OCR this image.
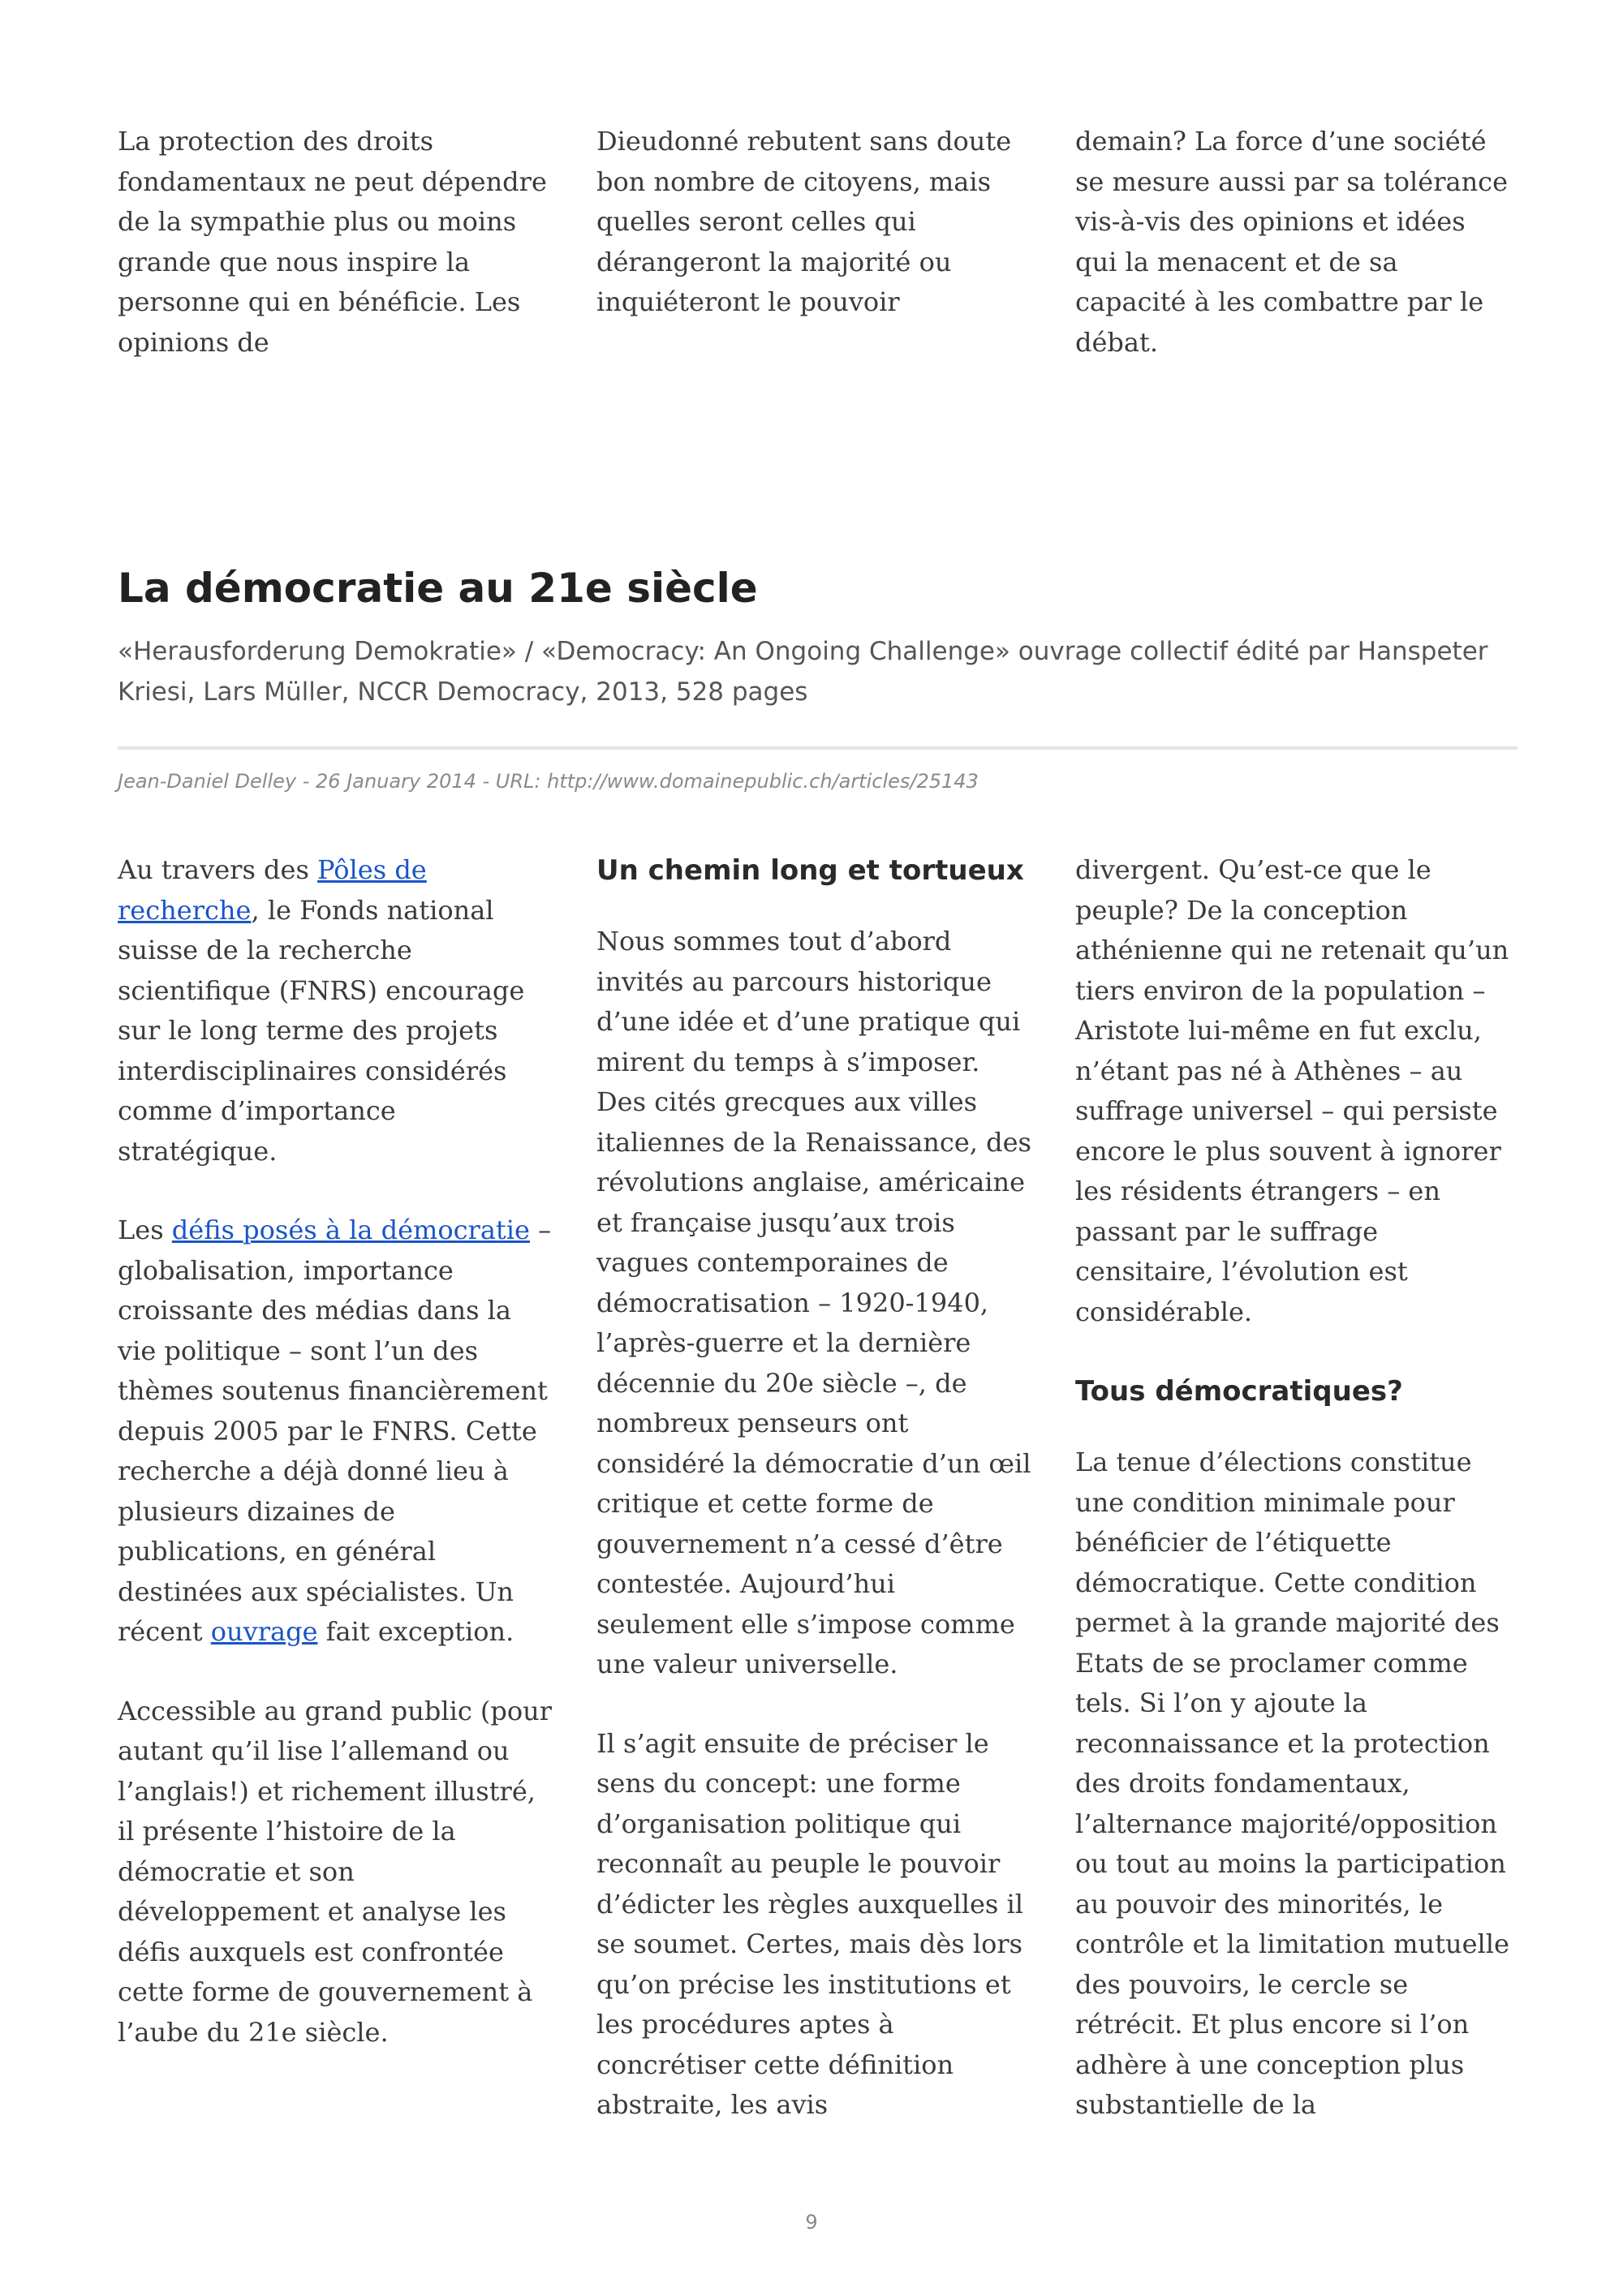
La protection des droits fondamentaux ne peut dépendre de la sympathie plus ou moins grande que nous inspire la personne qui en bénéficie. Les opinions de

Dieudonné rebutent sans doute bon nombre de citoyens, mais quelles seront celles qui dérangeront la majorité ou inquiéteront le pouvoir

demain? La force d’une société se mesure aussi par sa tolérance vis-à-vis des opinions et idées qui la menacent et de sa capacité à les combattre par le débat.

La démocratie au 21e siècle
«Herausforderung Demokratie» / «Democracy: An Ongoing Challenge» ouvrage collectif édité par Hanspeter Kriesi, Lars Müller, NCCR Democracy, 2013, 528 pages
Jean-Daniel Delley - 26 January 2014 - URL: http://www.domainepublic.ch/articles/25143

Au travers des Pôles de recherche, le Fonds national suisse de la recherche scientifique (FNRS) encourage sur le long terme des projets interdisciplinaires considérés comme d’importance stratégique.

Les défis posés à la démocratie – globalisation, importance croissante des médias dans la vie politique – sont l’un des thèmes soutenus financièrement depuis 2005 par le FNRS. Cette recherche a déjà donné lieu à plusieurs dizaines de publications, en général destinées aux spécialistes. Un récent ouvrage fait exception.

Accessible au grand public (pour autant qu’il lise l’allemand ou l’anglais!) et richement illustré, il présente l’histoire de la démocratie et son développement et analyse les défis auxquels est confrontée cette forme de gouvernement à l’aube du 21e siècle.

Un chemin long et tortueux

Nous sommes tout d’abord invités au parcours historique d’une idée et d’une pratique qui mirent du temps à s’imposer. Des cités grecques aux villes italiennes de la Renaissance, des révolutions anglaise, américaine et française jusqu’aux trois vagues contemporaines de démocratisation – 1920-1940, l’après-guerre et la dernière décennie du 20e siècle –, de nombreux penseurs ont considéré la démocratie d’un œil critique et cette forme de gouvernement n’a cessé d’être contestée. Aujourd’hui seulement elle s’impose comme une valeur universelle.

Il s’agit ensuite de préciser le sens du concept: une forme d’organisation politique qui reconnaît au peuple le pouvoir d’édicter les règles auxquelles il se soumet. Certes, mais dès lors qu’on précise les institutions et les procédures aptes à concrétiser cette définition abstraite, les avis

divergent. Qu’est-ce que le peuple? De la conception athénienne qui ne retenait qu’un tiers environ de la population – Aristote lui-même en fut exclu, n’étant pas né à Athènes – au suffrage universel – qui persiste encore le plus souvent à ignorer les résidents étrangers – en passant par le suffrage censitaire, l’évolution est considérable.

Tous démocratiques?

La tenue d’élections constitue une condition minimale pour bénéficier de l’étiquette démocratique. Cette condition permet à la grande majorité des Etats de se proclamer comme tels. Si l’on y ajoute la reconnaissance et la protection des droits fondamentaux, l’alternance majorité/opposition ou tout au moins la participation au pouvoir des minorités, le contrôle et la limitation mutuelle des pouvoirs, le cercle se rétrécit. Et plus encore si l’on adhère à une conception plus substantielle de la

9
